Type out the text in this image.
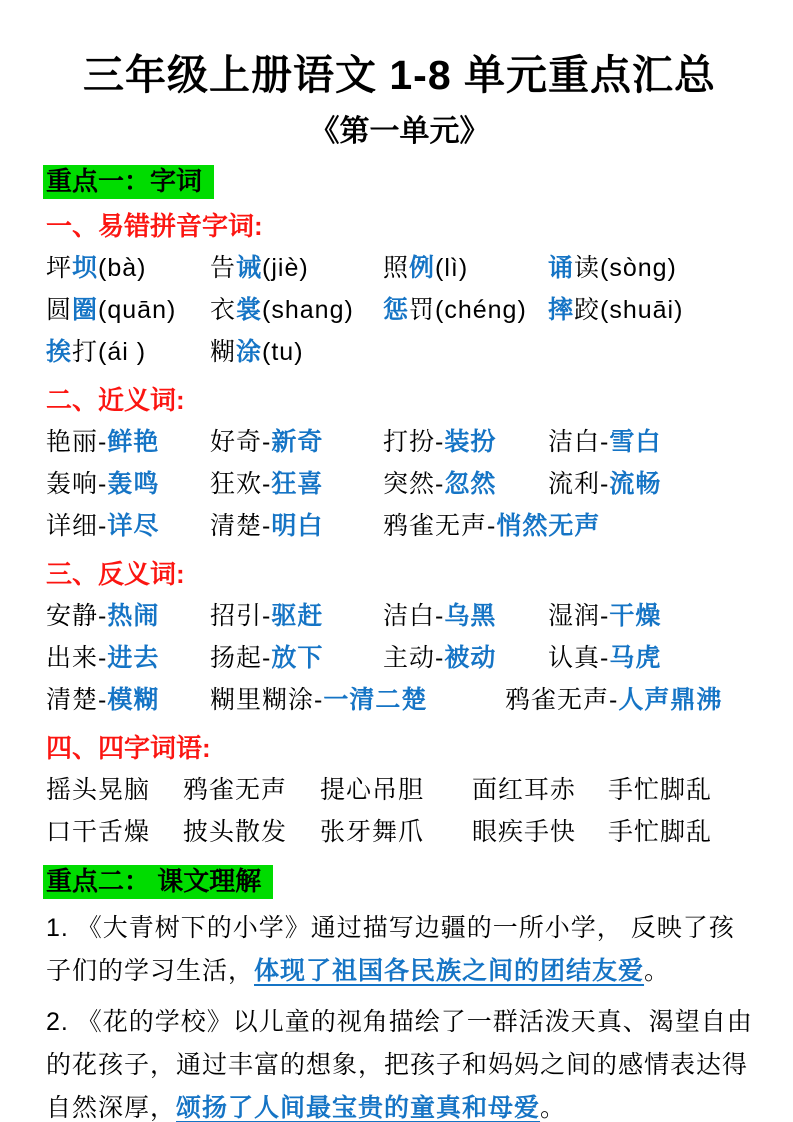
三年级上册语文 1-8 单元重点汇总
《第一单元》
重点一：字词
一、易错拼音字词:
坪坝(bà)	告诫(jiè)	照例(lì)	诵读(sòng)
圆圈(quān)	衣裳(shang)	惩罚(chéng) 摔跤(shuāi)
挨打(ái )	糊涂(tu)
二、近义词:
艳丽-鲜艳	好奇-新奇	打扮-装扮	洁白-雪白
轰响-轰鸣	狂欢-狂喜	突然-忽然	流利-流畅
详细-详尽	清楚-明白	鸦雀无声-悄然无声
三、反义词:
安静-热闹	招引-驱赶	洁白-乌黑	湿润-干燥
出来-进去	扬起-放下	主动-被动	认真-马虎
清楚-模糊	糊里糊涂-一清二楚	鸦雀无声-人声鼎沸
四、四字词语:
摇头晃脑	鸦雀无声	提心吊胆	面红耳赤	手忙脚乱
口干舌燥	披头散发	张牙舞爪	眼疾手快	手忙脚乱
重点二： 课文理解

1. 《大青树下的小学》通过描写边疆的一所小学， 反映了孩子们的学习生活，体现了祖国各民族之间的团结友爱。

2. 《花的学校》以儿童的视角描绘了一群活泼天真、渴望自由的花孩子，通过丰富的想象，把孩子和妈妈之间的感情表达得自然深厚，颂扬了人间最宝贵的童真和母爱。
